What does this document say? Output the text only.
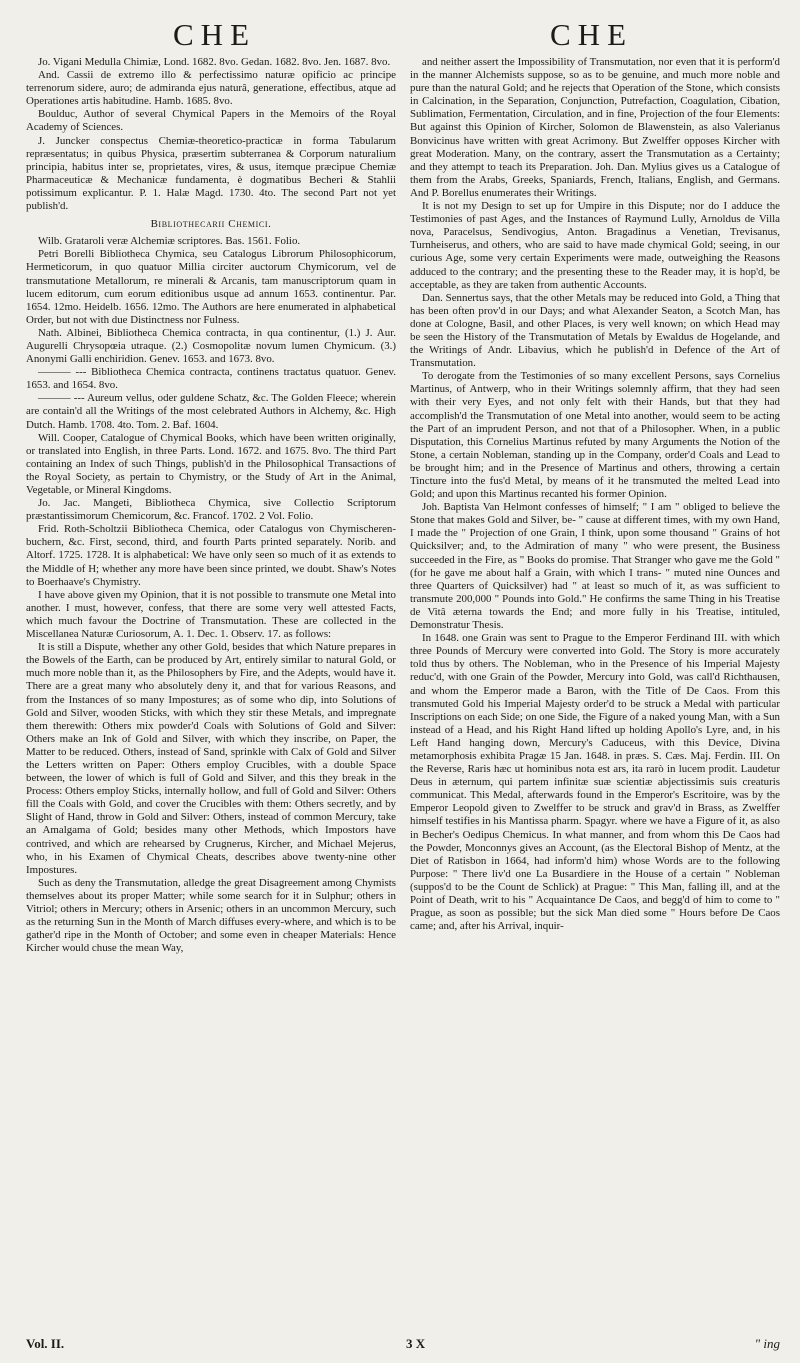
CHE	CHE

Jo. Vigani Medulla Chimiæ, Lond. 1682. 8vo. Gedan. 1682. 8vo. Jen. 1687. 8vo.

And. Cassii de extremo illo & perfectissimo naturæ opificio ac principe terrenorum sidere, auro; de admiranda ejus naturâ, generatione, effectibus, atque ad Operationes artis habitudine. Hamb. 1685. 8vo.

Boulduc, Author of several Chymical Papers in the Memoirs of the Royal Academy of Sciences.

J. Juncker conspectus Chemiæ-theoretico-practicæ in forma Tabularum repræsentatus; in quibus Physica, præsertim subterranea & Corporum naturalium principia, habitus inter se, proprietates, vires, & usus, itemque præcipue Chemiæ Pharmaceuticæ & Mechanicæ fundamenta, è dogmatibus Becheri & Stahlii potissimum explicantur. P. 1. Halæ Magd. 1730. 4to. The second Part not yet publish'd.

Bibliothecarii Chemici.

Wilb. Grataroli veræ Alchemiæ scriptores. Bas. 1561. Folio.

Petri Borelli Bibliotheca Chymica, seu Catalogus Librorum Philosophicorum, Hermeticorum, in quo quatuor Millia circiter auctorum Chymicorum, vel de transmutatione Metallorum, re minerali & Arcanis, tam manuscriptorum quam in lucem editorum, cum eorum editionibus usque ad annum 1653. continentur. Par. 1654. 12mo. Heidelb. 1656. 12mo. The Authors are here enumerated in alphabetical Order, but not with due Distinctness nor Fulness.

Nath. Albinei, Bibliotheca Chemica contracta, in qua continentur, (1.) J. Aur. Augurelli Chrysopœia utraque. (2.) Cosmopolitæ novum lumen Chymicum. (3.) Anonymi Galli enchiridion. Genev. 1653. and 1673. 8vo.

——— --- Bibliotheca Chemica contracta, continens tractatus quatuor. Genev. 1653. and 1654. 8vo.

——— --- Aureum vellus, oder guldene Schatz, &c. The Golden Fleece; wherein are contain'd all the Writings of the most celebrated Authors in Alchemy, &c. High Dutch. Hamb. 1708. 4to. Tom. 2. Baf. 1604.

Will. Cooper, Catalogue of Chymical Books, which have been written originally, or translated into English, in three Parts. Lond. 1672. and 1675. 8vo. The third Part containing an Index of such Things, publish'd in the Philosophical Transactions of the Royal Society, as pertain to Chymistry, or the Study of Art in the Animal, Vegetable, or Mineral Kingdoms.

Jo. Jac. Mangeti, Bibliotheca Chymica, sive Collectio Scriptorum præstantissimorum Chemicorum, &c. Francof. 1702. 2 Vol. Folio.

Frid. Roth-Scholtzii Bibliotheca Chemica, oder Catalogus von Chymischeren-buchern, &c. First, second, third, and fourth Parts printed separately. Norib. and Altorf. 1725. 1728. It is alphabetical: We have only seen so much of it as extends to the Middle of H; whether any more have been since printed, we doubt. Shaw's Notes to Boerhaave's Chymistry.

I have above given my Opinion, that it is not possible to transmute one Metal into another. I must, however, confess, that there are some very well attested Facts, which much favour the Doctrine of Transmutation. These are collected in the Miscellanea Naturæ Curiosorum, A. 1. Dec. 1. Observ. 17. as follows:

It is still a Dispute, whether any other Gold, besides that which Nature prepares in the Bowels of the Earth, can be produced by Art, entirely similar to natural Gold, or much more noble than it, as the Philosophers by Fire, and the Adepts, would have it. There are a great many who absolutely deny it, and that for various Reasons, and from the Instances of so many Impostures; as of some who dip, into Solutions of Gold and Silver, wooden Sticks, with which they stir these Metals, and impregnate them therewith: Others mix powder'd Coals with Solutions of Gold and Silver: Others make an Ink of Gold and Silver, with which they inscribe, on Paper, the Matter to be reduced. Others, instead of Sand, sprinkle with Calx of Gold and Silver the Letters written on Paper: Others employ Crucibles, with a double Space between, the lower of which is full of Gold and Silver, and this they break in the Process: Others employ Sticks, internally hollow, and full of Gold and Silver: Others fill the Coals with Gold, and cover the Crucibles with them: Others secretly, and by Slight of Hand, throw in Gold and Silver: Others, instead of common Mercury, take an Amalgama of Gold; besides many other Methods, which Impostors have contrived, and which are rehearsed by Crugnerus, Kircher, and Michael Mejerus, who, in his Examen of Chymical Cheats, describes above twenty-nine other Impostures.

Such as deny the Transmutation, alledge the great Disagreement among Chymists themselves about its proper Matter; while some search for it in Sulphur; others in Vitriol; others in Mercury; others in Arsenic; others in an uncommon Mercury, such as the returning Sun in the Month of March diffuses every-where, and which is to be gather'd ripe in the Month of October; and some even in cheaper Materials: Hence Kircher would chuse the mean Way,

and neither assert the Impossibility of Transmutation, nor even that it is perform'd in the manner Alchemists suppose, so as to be genuine, and much more noble and pure than the natural Gold; and he rejects that Operation of the Stone, which consists in Calcination, in the Separation, Conjunction, Putrefaction, Coagulation, Cibation, Sublimation, Fermentation, Circulation, and in fine, Projection of the four Elements: But against this Opinion of Kircher, Solomon de Blawenstein, as also Valerianus Bonvicinus have written with great Acrimony. But Zwelffer opposes Kircher with great Moderation. Many, on the contrary, assert the Transmutation as a Certainty; and they attempt to teach its Preparation. Joh. Dan. Mylius gives us a Catalogue of them from the Arabs, Greeks, Spaniards, French, Italians, English, and Germans. And P. Borellus enumerates their Writings.

It is not my Design to set up for Umpire in this Dispute; nor do I adduce the Testimonies of past Ages, and the Instances of Raymund Lully, Arnoldus de Villa nova, Paracelsus, Sendivogius, Anton. Bragadinus a Venetian, Trevisanus, Turnheiserus, and others, who are said to have made chymical Gold; seeing, in our curious Age, some very certain Experiments were made, outweighing the Reasons adduced to the contrary; and the presenting these to the Reader may, it is hop'd, be acceptable, as they are taken from authentic Accounts.

Dan. Sennertus says, that the other Metals may be reduced into Gold, a Thing that has been often prov'd in our Days; and what Alexander Seaton, a Scotch Man, has done at Cologne, Basil, and other Places, is very well known; on which Head may be seen the History of the Transmutation of Metals by Ewaldus de Hogelande, and the Writings of Andr. Libavius, which he publish'd in Defence of the Art of Transmutation.

To derogate from the Testimonies of so many excellent Persons, says Cornelius Martinus, of Antwerp, who in their Writings solemnly affirm, that they had seen with their very Eyes, and not only felt with their Hands, but that they had accomplish'd the Transmutation of one Metal into another, would seem to be acting the Part of an imprudent Person, and not that of a Philosopher. When, in a public Disputation, this Cornelius Martinus refuted by many Arguments the Notion of the Stone, a certain Nobleman, standing up in the Company, order'd Coals and Lead to be brought him; and in the Presence of Martinus and others, throwing a certain Tincture into the fus'd Metal, by means of it he transmuted the melted Lead into Gold; and upon this Martinus recanted his former Opinion.

Joh. Baptista Van Helmont confesses of himself; " I am " obliged to believe the Stone that makes Gold and Silver, be- " cause at different times, with my own Hand, I made the " Projection of one Grain, I think, upon some thousand " Grains of hot Quicksilver; and, to the Admiration of many " who were present, the Business succeeded in the Fire, as " Books do promise. That Stranger who gave me the Gold " (for he gave me about half a Grain, with which I trans- " muted nine Ounces and three Quarters of Quicksilver) had " at least so much of it, as was sufficient to transmute 200,000 " Pounds into Gold." He confirms the same Thing in his Treatise de Vitâ æterna towards the End; and more fully in his Treatise, intituled, Demonstratur Thesis.

In 1648. one Grain was sent to Prague to the Emperor Ferdinand III. with which three Pounds of Mercury were converted into Gold. The Story is more accurately told thus by others. The Nobleman, who in the Presence of his Imperial Majesty reduc'd, with one Grain of the Powder, Mercury into Gold, was call'd Richthausen, and whom the Emperor made a Baron, with the Title of De Caos. From this transmuted Gold his Imperial Majesty order'd to be struck a Medal with particular Inscriptions on each Side; on one Side, the Figure of a naked young Man, with a Sun instead of a Head, and his Right Hand lifted up holding Apollo's Lyre, and, in his Left Hand hanging down, Mercury's Caduceus, with this Device, Divina metamorphosis exhibita Pragæ 15 Jan. 1648. in præs. S. Cæs. Maj. Ferdin. III. On the Reverse, Raris hæc ut hominibus nota est ars, ita rarò in lucem prodit. Laudetur Deus in æternum, qui partem infinitæ suæ scientiæ abjectissimis suis creaturis communicat. This Medal, afterwards found in the Emperor's Escritoire, was by the Emperor Leopold given to Zwelffer to be struck and grav'd in Brass, as Zwelffer himself testifies in his Mantissa pharm. Spagyr. where we have a Figure of it, as also in Becher's Oedipus Chemicus. In what manner, and from whom this De Caos had the Powder, Monconnys gives an Account, (as the Electoral Bishop of Mentz, at the Diet of Ratisbon in 1664, had inform'd him) whose Words are to the following Purpose: " There liv'd one La Busardiere in the House of a certain " Nobleman (suppos'd to be the Count de Schlick) at Prague: " This Man, falling ill, and at the Point of Death, writ to his " Acquaintance De Caos, and begg'd of him to come to " Prague, as soon as possible; but the sick Man died some " Hours before De Caos came; and, after his Arrival, inquir-

Vol. II.	3 X	" ing
